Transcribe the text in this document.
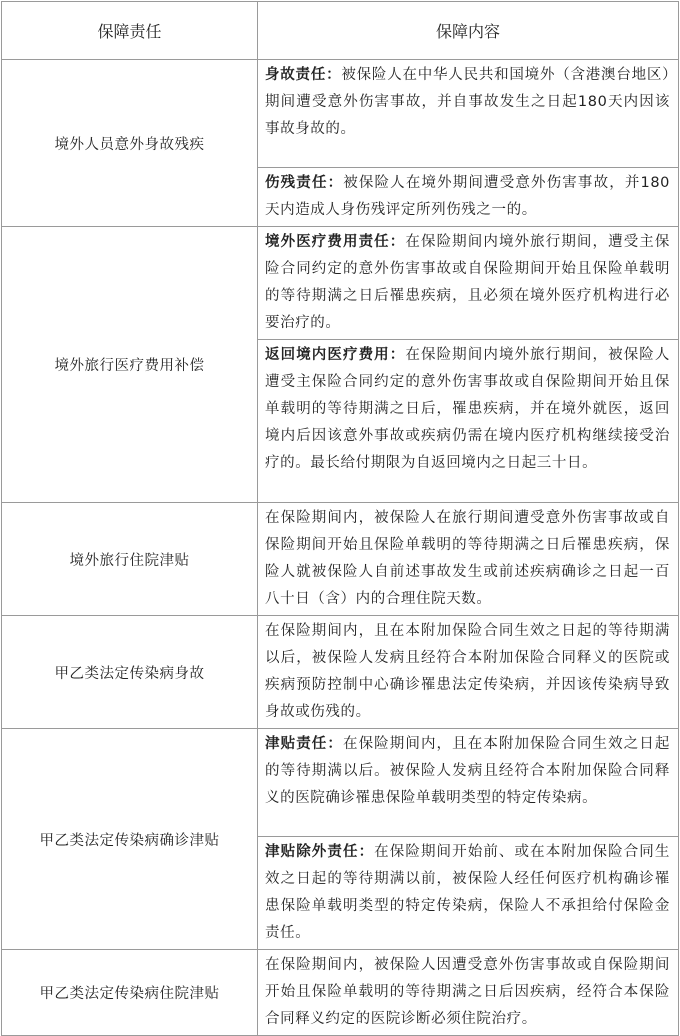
保障责任	保障内容
境外人员意外身故残疾	身故责任：被保险人在中华人民共和国境外（含港澳台地区）期间遭受意外伤害事故，并自事故发生之日起180天内因该事故身故的。
	伤残责任：被保险人在境外期间遭受意外伤害事故，并180天内造成人身伤残评定所列伤残之一的。
境外旅行医疗费用补偿	境外医疗费用责任：在保险期间内境外旅行期间，遭受主保险合同约定的意外伤害事故或自保险期间开始且保险单载明的等待期满之日后罹患疾病，且必须在境外医疗机构进行必要治疗的。
	返回境内医疗费用：在保险期间内境外旅行期间，被保险人遭受主保险合同约定的意外伤害事故或自保险期间开始且保单载明的等待期满之日后，罹患疾病，并在境外就医，返回境内后因该意外事故或疾病仍需在境内医疗机构继续接受治疗的。最长给付期限为自返回境内之日起三十日。
境外旅行住院津贴	在保险期间内，被保险人在旅行期间遭受意外伤害事故或自保险期间开始且保险单载明的等待期满之日后罹患疾病，保险人就被保险人自前述事故发生或前述疾病确诊之日起一百八十日（含）内的合理住院天数。
甲乙类法定传染病身故	在保险期间内，且在本附加保险合同生效之日起的等待期满以后，被保险人发病且经符合本附加保险合同释义的医院或疾病预防控制中心确诊罹患法定传染病，并因该传染病导致身故或伤残的。
甲乙类法定传染病确诊津贴	津贴责任：在保险期间内，且在本附加保险合同生效之日起的等待期满以后。被保险人发病且经符合本附加保险合同释义的医院确诊罹患保险单载明类型的特定传染病。
	津贴除外责任：在保险期间开始前、或在本附加保险合同生效之日起的等待期满以前，被保险人经任何医疗机构确诊罹患保险单载明类型的特定传染病，保险人不承担给付保险金责任。
甲乙类法定传染病住院津贴	在保险期间内，被保险人因遭受意外伤害事故或自保险期间开始且保险单载明的等待期满之日后因疾病，经符合本保险合同释义约定的医院诊断必须住院治疗。
